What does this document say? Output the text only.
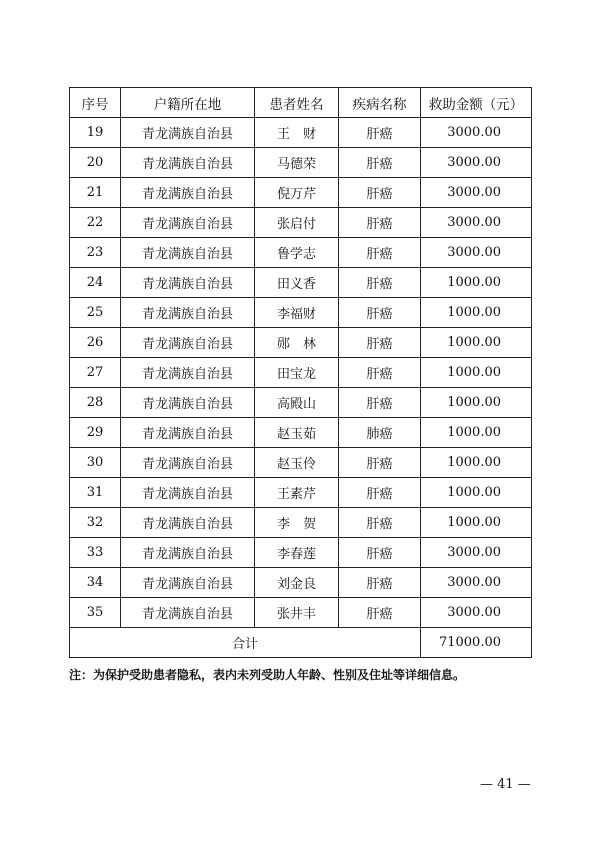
序号	户籍所在地	患者姓名	疾病名称	救助金额（元）
19	青龙满族自治县	王　财	肝癌	3000.00
20	青龙满族自治县	马德荣	肝癌	3000.00
21	青龙满族自治县	倪万芹	肝癌	3000.00
22	青龙满族自治县	张启付	肝癌	3000.00
23	青龙满族自治县	鲁学志	肝癌	3000.00
24	青龙满族自治县	田义香	肝癌	1000.00
25	青龙满族自治县	李福财	肝癌	1000.00
26	青龙满族自治县	郧　林	肝癌	1000.00
27	青龙满族自治县	田宝龙	肝癌	1000.00
28	青龙满族自治县	高殿山	肝癌	1000.00
29	青龙满族自治县	赵玉茹	肺癌	1000.00
30	青龙满族自治县	赵玉伶	肝癌	1000.00
31	青龙满族自治县	王素芹	肝癌	1000.00
32	青龙满族自治县	李　贺	肝癌	1000.00
33	青龙满族自治县	李春莲	肝癌	3000.00
34	青龙满族自治县	刘金良	肝癌	3000.00
35	青龙满族自治县	张井丰	肝癌	3000.00
合计				71000.00
注：为保护受助患者隐私，表内未列受助人年龄、性别及住址等详细信息。
— 41 —
